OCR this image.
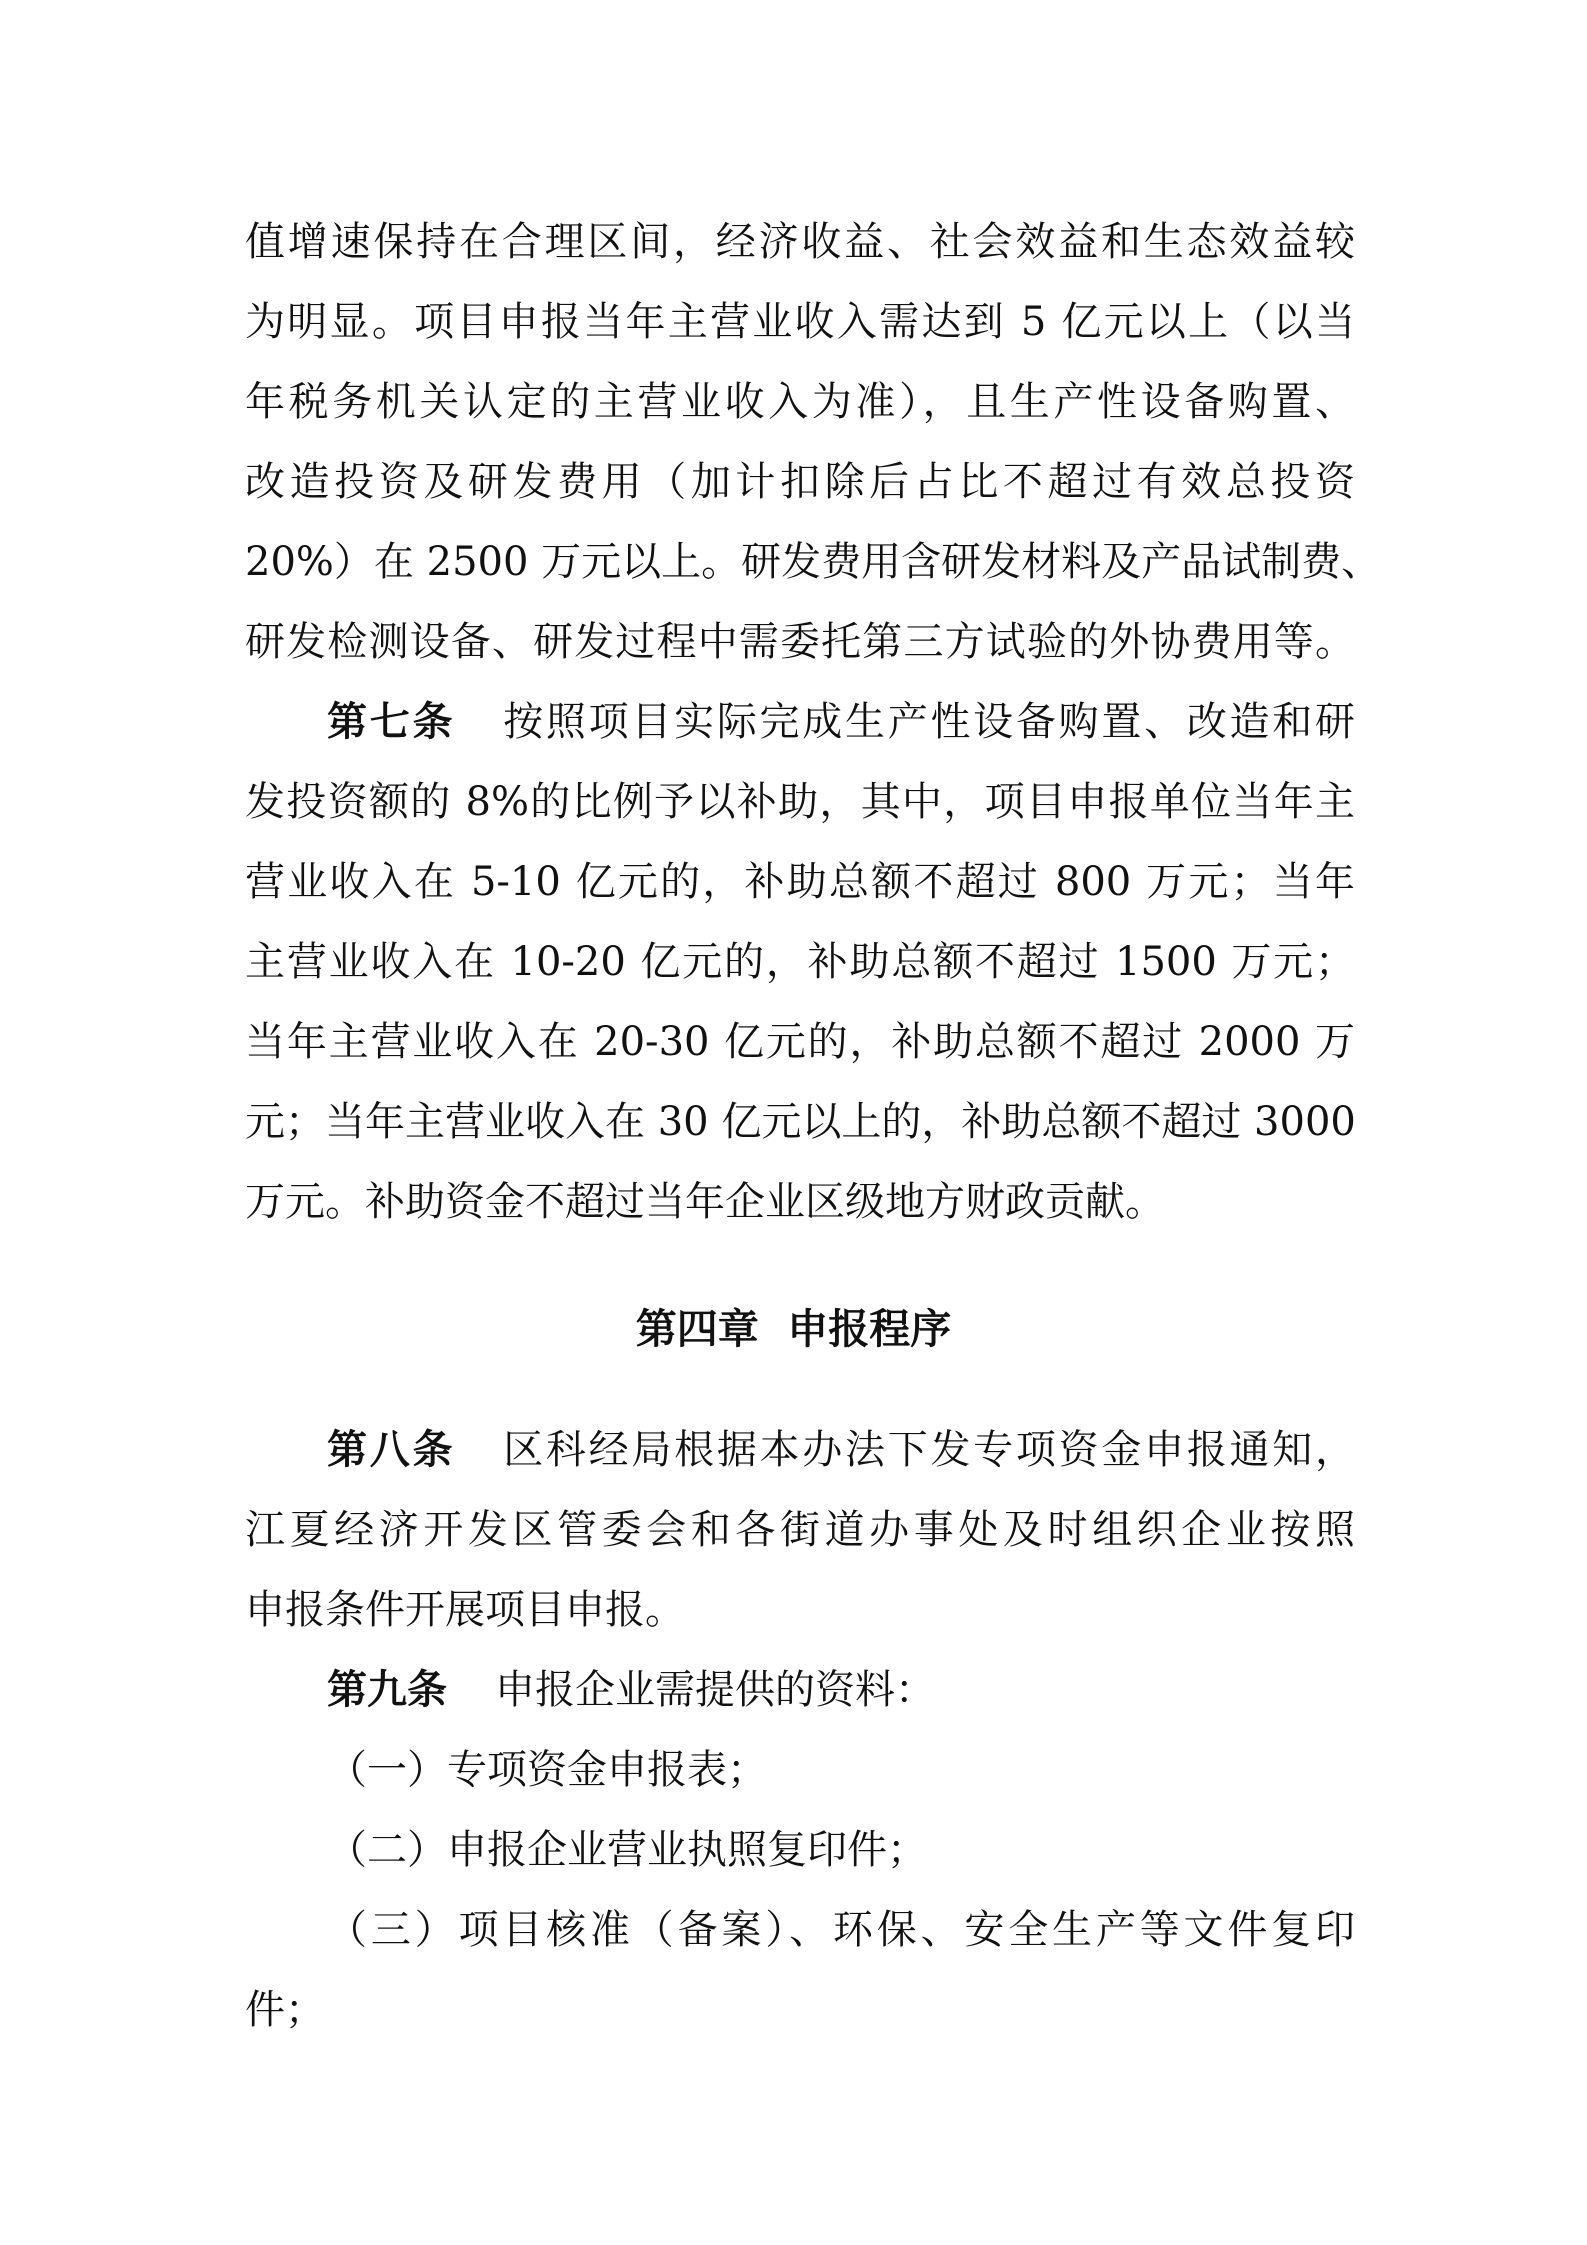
值增速保持在合理区间，经济收益、社会效益和生态效益较
为明显。项目申报当年主营业收入需达到 5 亿元以上（以当
年税务机关认定的主营业收入为准），且生产性设备购置、
改造投资及研发费用（加计扣除后占比不超过有效总投资
20%）在 2500 万元以上。研发费用含研发材料及产品试制费、
研发检测设备、研发过程中需委托第三方试验的外协费用等。
第七条 按照项目实际完成生产性设备购置、改造和研
发投资额的 8%的比例予以补助，其中，项目申报单位当年主
营业收入在 5-10 亿元的，补助总额不超过 800 万元；当年
主营业收入在 10-20 亿元的，补助总额不超过 1500 万元；
当年主营业收入在 20-30 亿元的，补助总额不超过 2000 万
元；当年主营业收入在 30 亿元以上的，补助总额不超过 3000
万元。补助资金不超过当年企业区级地方财政贡献。
第四章  申报程序
第八条 区科经局根据本办法下发专项资金申报通知，
江夏经济开发区管委会和各街道办事处及时组织企业按照
申报条件开展项目申报。
第九条 申报企业需提供的资料：
（一）专项资金申报表；
（二）申报企业营业执照复印件；
（三）项目核准（备案）、环保、安全生产等文件复印
件；
